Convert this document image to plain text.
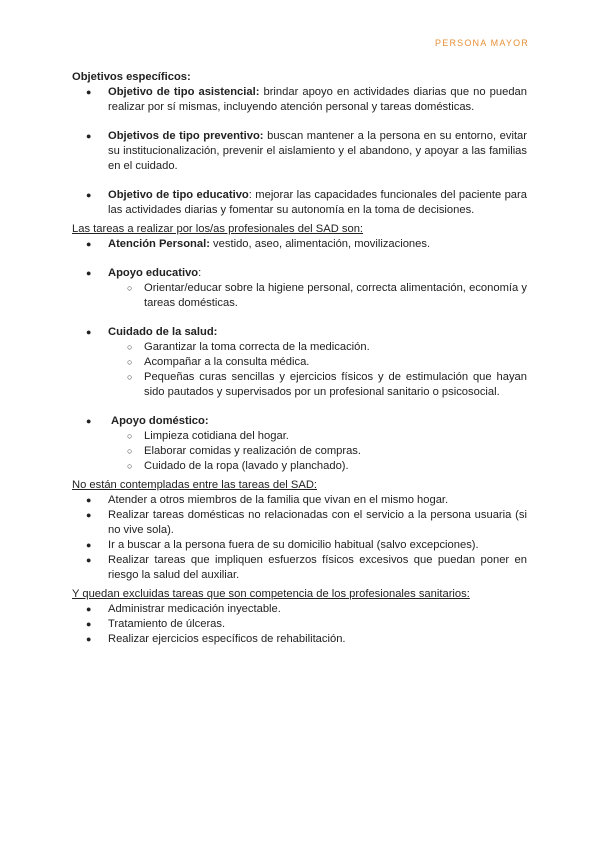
PERSONA MAYOR
Objetivos específicos:
● Objetivo de tipo asistencial: brindar apoyo en actividades diarias que no puedan realizar por sí mismas, incluyendo atención personal y tareas domésticas.
● Objetivos de tipo preventivo: buscan mantener a la persona en su entorno, evitar su institucionalización, prevenir el aislamiento y el abandono, y apoyar a las familias en el cuidado.
● Objetivo de tipo educativo: mejorar las capacidades funcionales del paciente para las actividades diarias y fomentar su autonomía en la toma de decisiones.
Las tareas a realizar por los/as profesionales del SAD son:
● Atención Personal: vestido, aseo, alimentación, movilizaciones.
● Apoyo educativo:
○ Orientar/educar sobre la higiene personal, correcta alimentación, economía y tareas domésticas.
● Cuidado de la salud:
○ Garantizar la toma correcta de la medicación.
○ Acompañar a la consulta médica.
○ Pequeñas curas sencillas y ejercicios físicos y de estimulación que hayan sido pautados y supervisados por un profesional sanitario o psicosocial.
● Apoyo doméstico:
○ Limpieza cotidiana del hogar.
○ Elaborar comidas y realización de compras.
○ Cuidado de la ropa (lavado y planchado).
No están contempladas entre las tareas del SAD:
● Atender a otros miembros de la familia que vivan en el mismo hogar.
● Realizar tareas domésticas no relacionadas con el servicio a la persona usuaria (si no vive sola).
● Ir a buscar a la persona fuera de su domicilio habitual (salvo excepciones).
● Realizar tareas que impliquen esfuerzos físicos excesivos que puedan poner en riesgo la salud del auxiliar.
Y quedan excluidas tareas que son competencia de los profesionales sanitarios:
● Administrar medicación inyectable.
● Tratamiento de úlceras.
● Realizar ejercicios específicos de rehabilitación.
